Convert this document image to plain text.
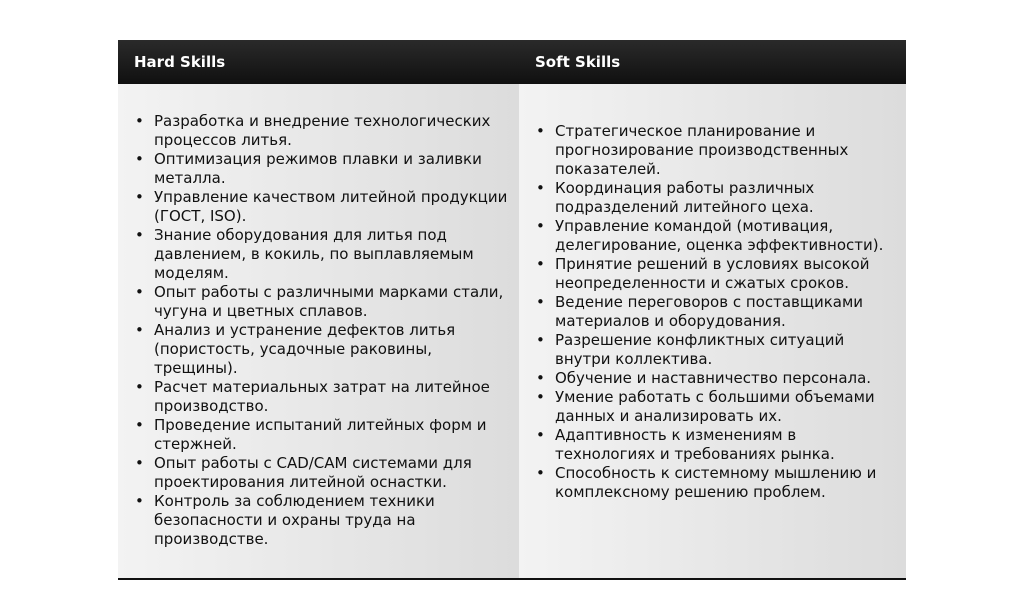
Hard Skills	Soft Skills
• Разработка и внедрение технологических процессов литья.
• Оптимизация режимов плавки и заливки металла.
• Управление качеством литейной продукции (ГОСТ, ISO).
• Знание оборудования для литья под давлением, в кокиль, по выплавляемым моделям.
• Опыт работы с различными марками стали, чугуна и цветных сплавов.
• Анализ и устранение дефектов литья (пористость, усадочные раковины, трещины).
• Расчет материальных затрат на литейное производство.
• Проведение испытаний литейных форм и стержней.
• Опыт работы с CAD/CAM системами для проектирования литейной оснастки.
• Контроль за соблюдением техники безопасности и охраны труда на производстве.
• Стратегическое планирование и прогнозирование производственных показателей.
• Координация работы различных подразделений литейного цеха.
• Управление командой (мотивация, делегирование, оценка эффективности).
• Принятие решений в условиях высокой неопределенности и сжатых сроков.
• Ведение переговоров с поставщиками материалов и оборудования.
• Разрешение конфликтных ситуаций внутри коллектива.
• Обучение и наставничество персонала.
• Умение работать с большими объемами данных и анализировать их.
• Адаптивность к изменениям в технологиях и требованиях рынка.
• Способность к системному мышлению и комплексному решению проблем.
